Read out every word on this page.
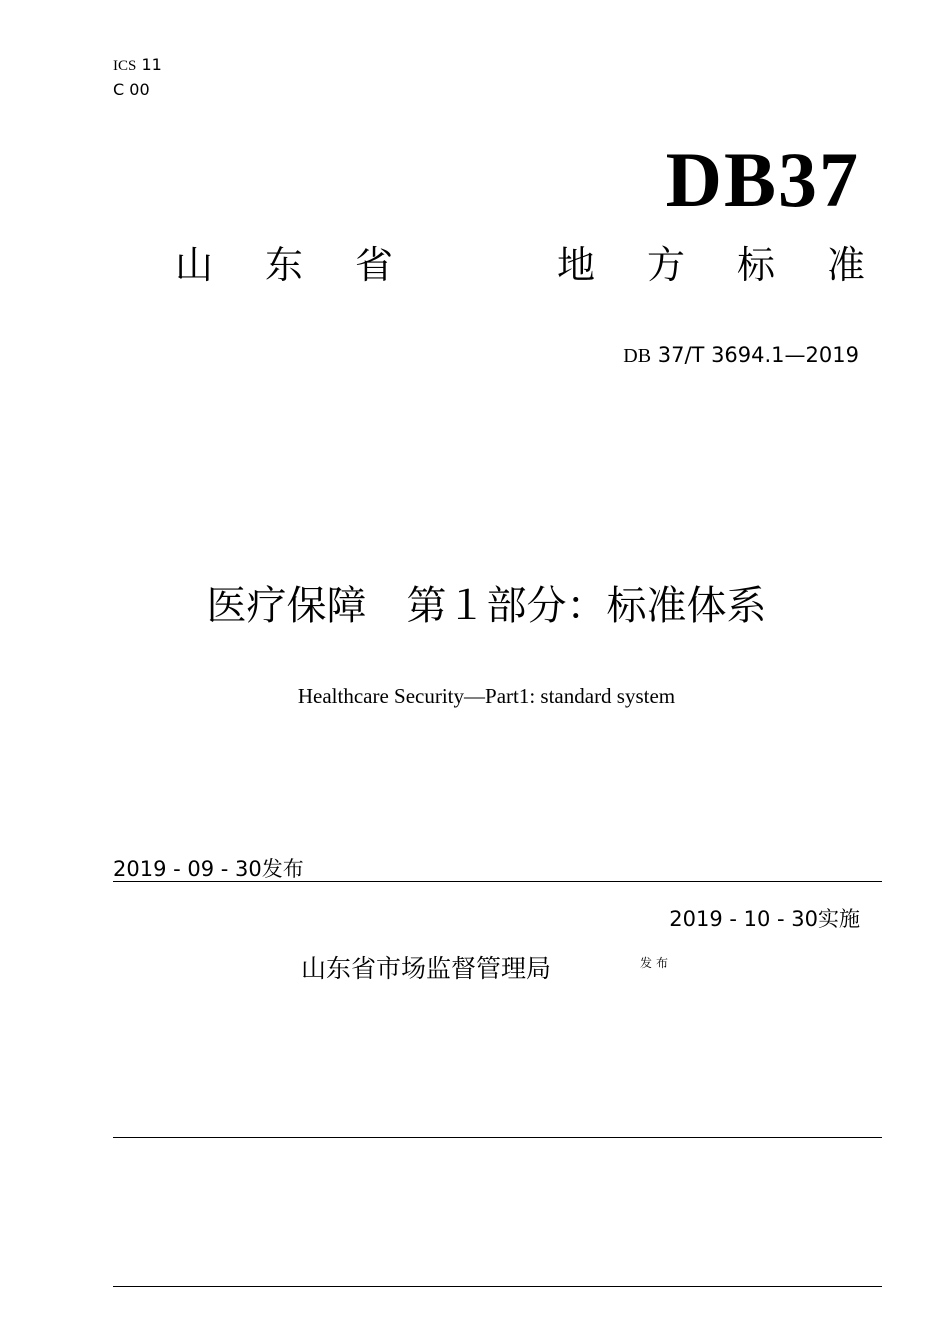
ICS 11
C 00
DB37
山 东 省	地 方 标 准
DB 37/T 3694.1—2019
医疗保障　第１部分：标准体系
Healthcare Security—Part1: standard system
2019 - 09 - 30发布
2019 - 10 - 30实施
山东省市场监督管理局	发布
